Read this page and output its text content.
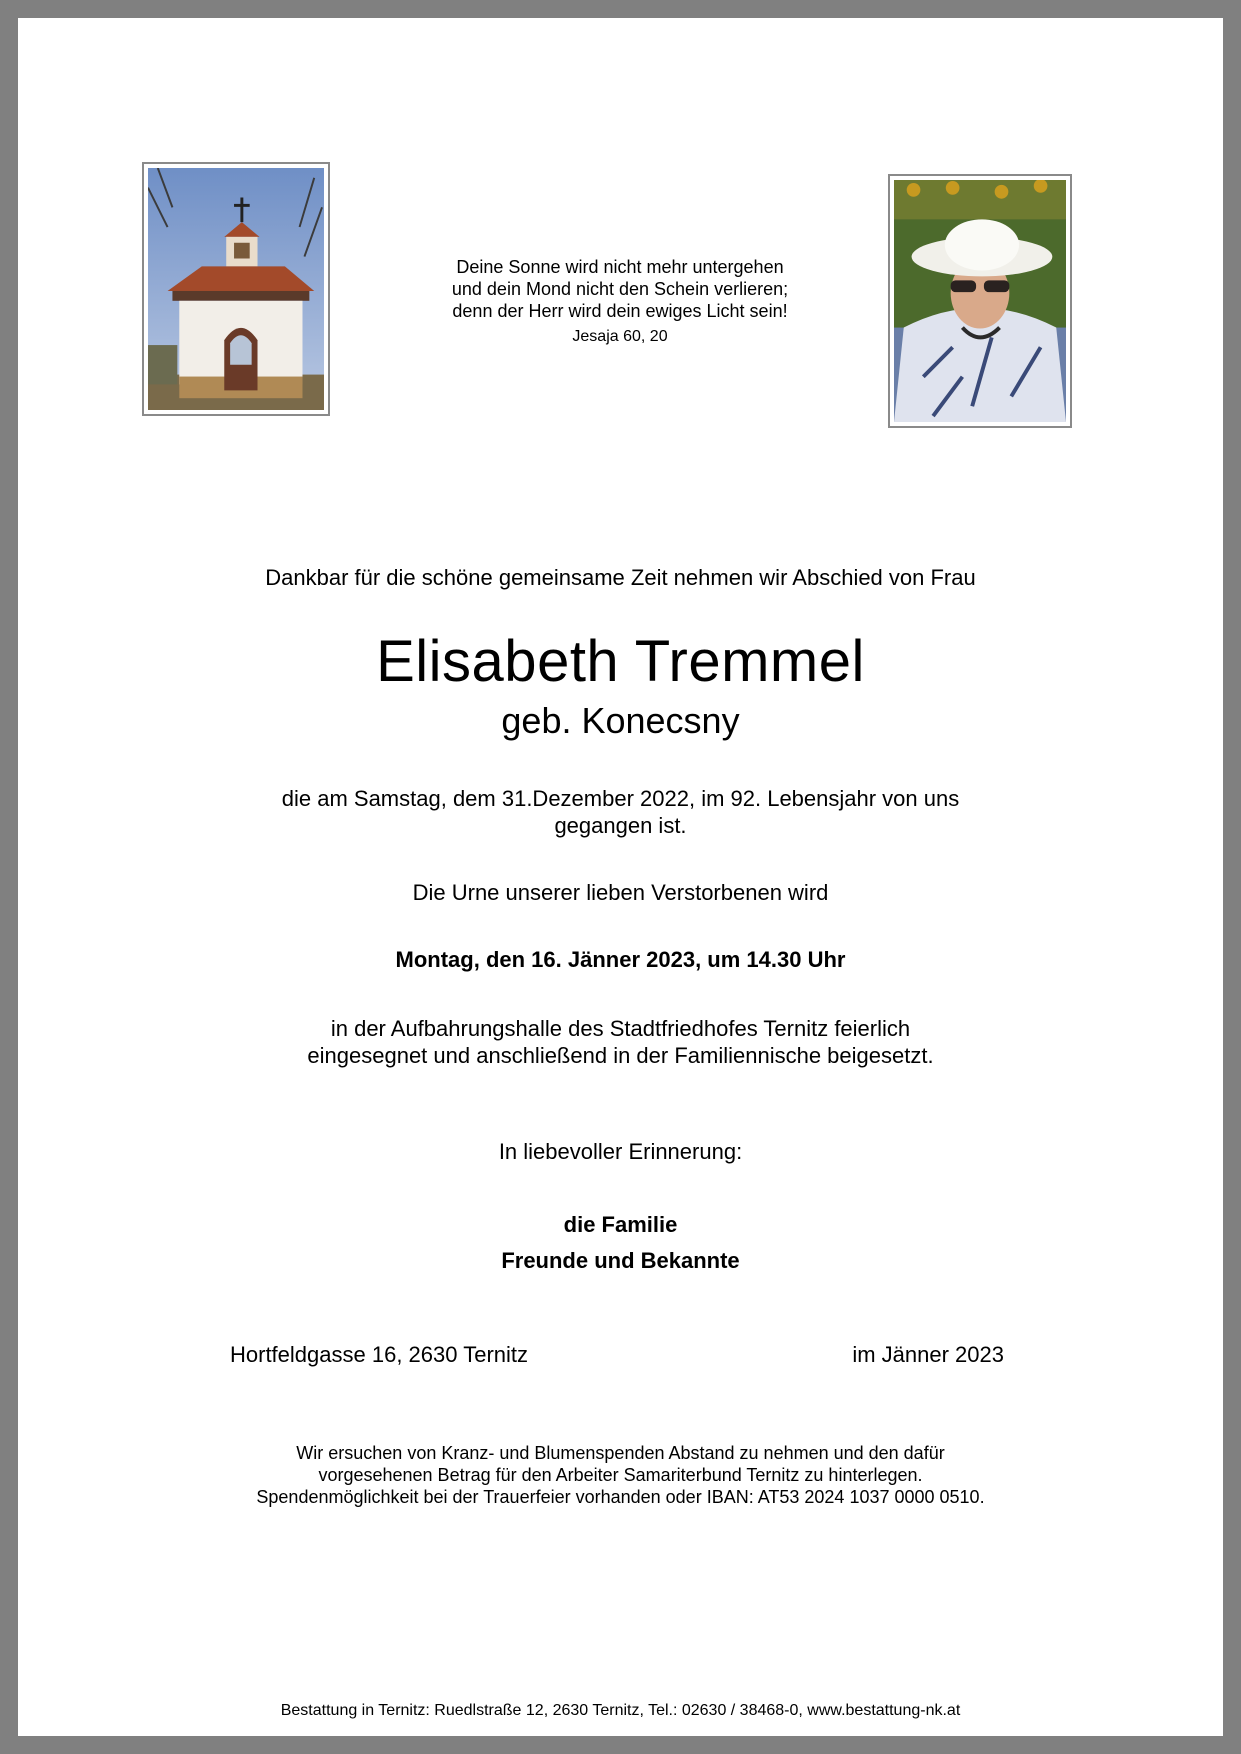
Deine Sonne wird nicht mehr untergehen
und dein Mond nicht den Schein verlieren;
denn der Herr wird dein ewiges Licht sein!
Jesaja 60, 20
Dankbar für die schöne gemeinsame Zeit nehmen wir Abschied von Frau
Elisabeth Tremmel
geb. Konecsny
die am Samstag, dem 31.Dezember 2022, im 92. Lebensjahr von uns
gegangen ist.
Die Urne unserer lieben Verstorbenen wird
Montag, den 16. Jänner 2023, um 14.30 Uhr
in der Aufbahrungshalle des Stadtfriedhofes Ternitz feierlich
eingesegnet und anschließend in der Familiennische beigesetzt.
In liebevoller Erinnerung:
die Familie
Freunde und Bekannte
Hortfeldgasse 16, 2630 Ternitz	im Jänner 2023
Wir ersuchen von Kranz- und Blumenspenden Abstand zu nehmen und den dafür
vorgesehenen Betrag für den Arbeiter Samariterbund Ternitz zu hinterlegen.
Spendenmöglichkeit bei der Trauerfeier vorhanden oder IBAN: AT53 2024 1037 0000 0510.
Bestattung in Ternitz: Ruedlstraße 12, 2630 Ternitz, Tel.: 02630 / 38468-0, www.bestattung-nk.at
